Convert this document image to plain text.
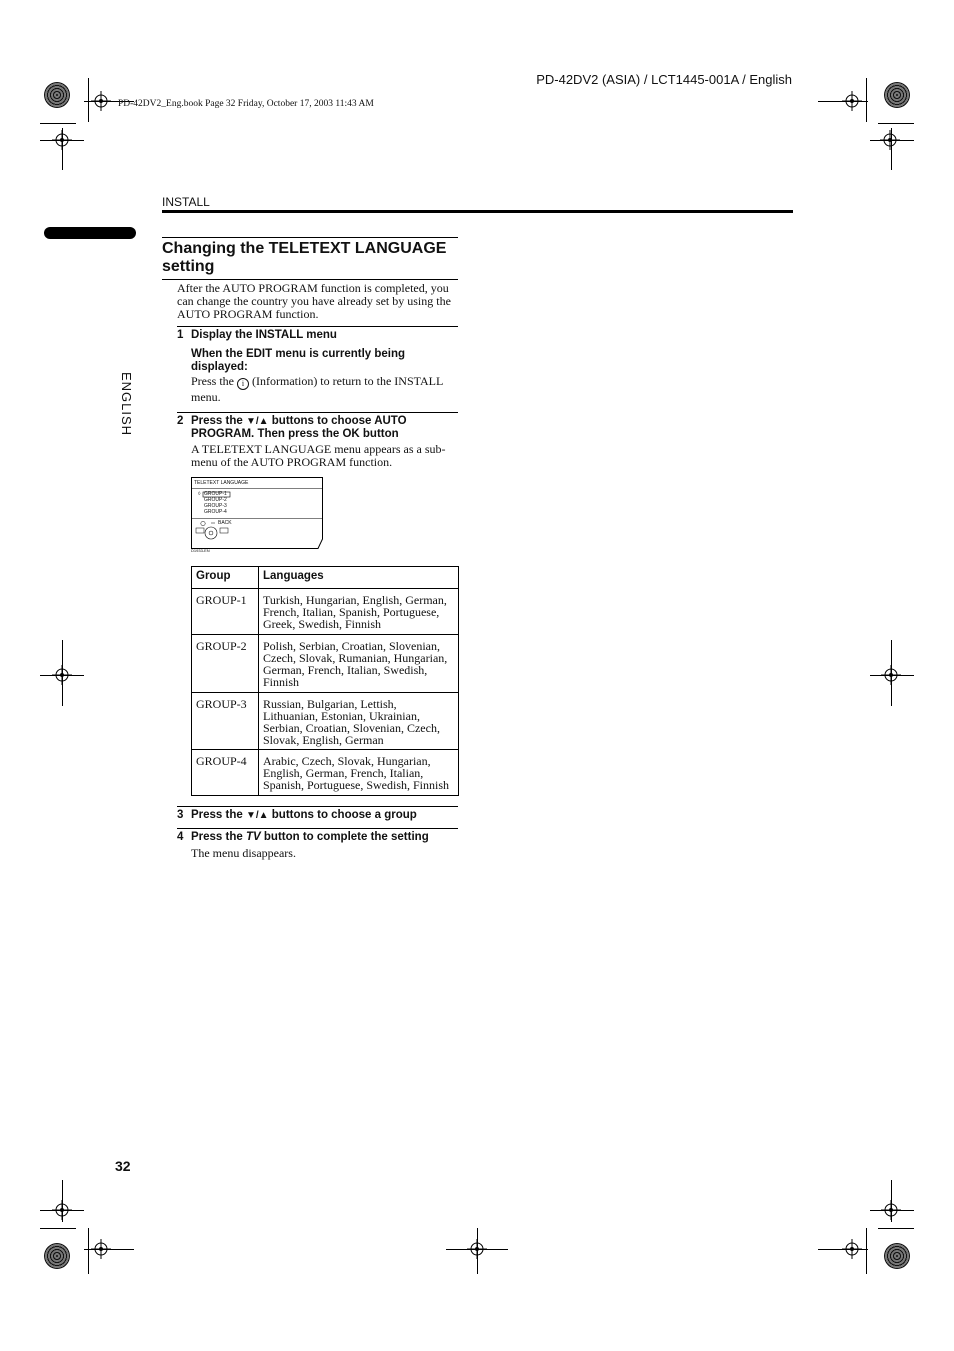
PD-42DV2 (ASIA) / LCT1445-001A / English
PD-42DV2_Eng.book Page 32 Friday, October 17, 2003 11:43 AM
INSTALL
ENGLISH
Changing the TELETEXT LANGUAGE setting
After the AUTO PROGRAM function is completed, you can change the country you have already set by using the AUTO PROGRAM function.
1 Display the INSTALL menu
When the EDIT menu is currently being displayed:
Press the i (Information) to return to the INSTALL menu.
2 Press the ▼/▲ buttons to choose AUTO PROGRAM. Then press the OK button
A TELETEXT LANGUAGE menu appears as a sub-menu of the AUTO PROGRAM function.
TELETEXT LANGUAGE
◊ GROUP-1
GROUP-2
GROUP-3
GROUP-4
BACK
D1933-EN
Group	Languages
GROUP-1	Turkish, Hungarian, English, German, French, Italian, Spanish, Portuguese, Greek, Swedish, Finnish
GROUP-2	Polish, Serbian, Croatian, Slovenian, Czech, Slovak, Rumanian, Hungarian, German, French, Italian, Swedish, Finnish
GROUP-3	Russian, Bulgarian, Lettish, Lithuanian, Estonian, Ukrainian, Serbian, Croatian, Slovenian, Czech, Slovak, English, German
GROUP-4	Arabic, Czech, Slovak, Hungarian, English, German, French, Italian, Spanish, Portuguese, Swedish, Finnish
3 Press the ▼/▲ buttons to choose a group
4 Press the TV button to complete the setting
The menu disappears.
32
